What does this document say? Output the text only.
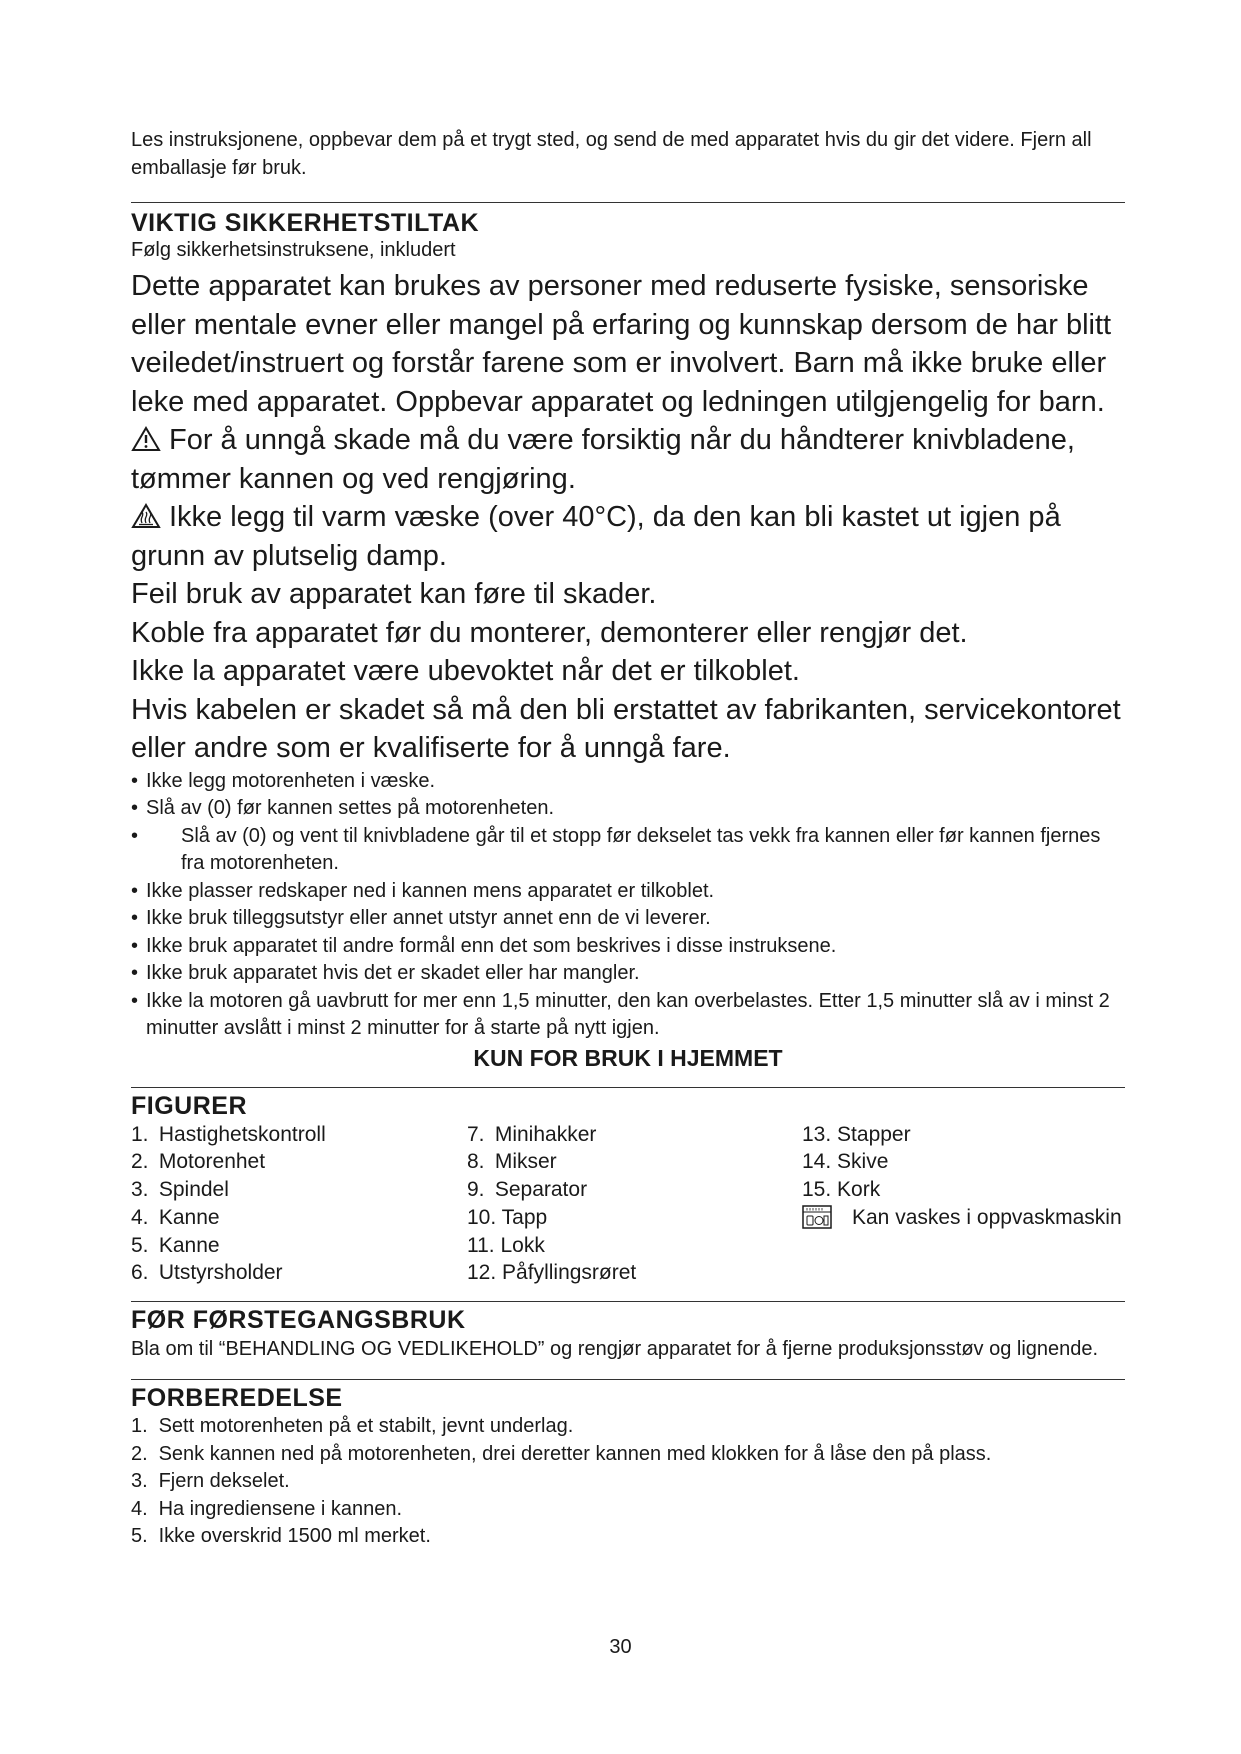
Les instruksjonene, oppbevar dem på et trygt sted, og send de med apparatet hvis du gir det videre. Fjern all emballasje før bruk.

VIKTIG SIKKERHETSTILTAK

Følg sikkerhetsinstruksene, inkludert

Dette apparatet kan brukes av personer med reduserte fysiske, sensoriske eller mentale evner eller mangel på erfaring og kunnskap dersom de har blitt veiledet/instruert og forstår farene som er involvert. Barn må ikke bruke eller leke med apparatet. Oppbevar apparatet og ledningen utilgjengelig for barn.

For å unngå skade må du være forsiktig når du håndterer knivbladene, tømmer kannen og ved rengjøring.

Ikke legg til varm væske (over 40°C), da den kan bli kastet ut igjen på grunn av plutselig damp.

Feil bruk av apparatet kan føre til skader.

Koble fra apparatet før du monterer, demonterer eller rengjør det.

Ikke la apparatet være ubevoktet når det er tilkoblet.

Hvis kabelen er skadet så må den bli erstattet av fabrikanten, servicekontoret eller andre som er kvalifiserte for å unngå fare.

• Ikke legg motorenheten i væske.
• Slå av (0) før kannen settes på motorenheten.
• Slå av (0) og vent til knivbladene går til et stopp før dekselet tas vekk fra kannen eller før kannen fjernes fra motorenheten.
• Ikke plasser redskaper ned i kannen mens apparatet er tilkoblet.
• Ikke bruk tilleggsutstyr eller annet utstyr annet enn de vi leverer.
• Ikke bruk apparatet til andre formål enn det som beskrives i disse instruksene.
• Ikke bruk apparatet hvis det er skadet eller har mangler.
• Ikke la motoren gå uavbrutt for mer enn 1,5 minutter, den kan overbelastes. Etter 1,5 minutter slå av i minst 2 minutter avslått i minst 2 minutter for å starte på nytt igjen.

KUN FOR BRUK I HJEMMET

FIGURER
1. Hastighetskontroll
2. Motorenhet
3. Spindel
4. Kanne
5. Kanne
6. Utstyrsholder
7. Minihakker
8. Mikser
9. Separator
10. Tapp
11. Lokk
12. Påfyllingsrøret
13. Stapper
14. Skive
15. Kork
Kan vaskes i oppvaskmaskin
FØR FØRSTEGANGSBRUK

Bla om til “BEHANDLING OG VEDLIKEHOLD” og rengjør apparatet for å fjerne produksjonsstøv og lignende.

FORBEREDELSE
1. Sett motorenheten på et stabilt, jevnt underlag.
2. Senk kannen ned på motorenheten, drei deretter kannen med klokken for å låse den på plass.
3. Fjern dekselet.
4. Ha ingrediensene i kannen.
5. Ikke overskrid 1500 ml merket.
30
